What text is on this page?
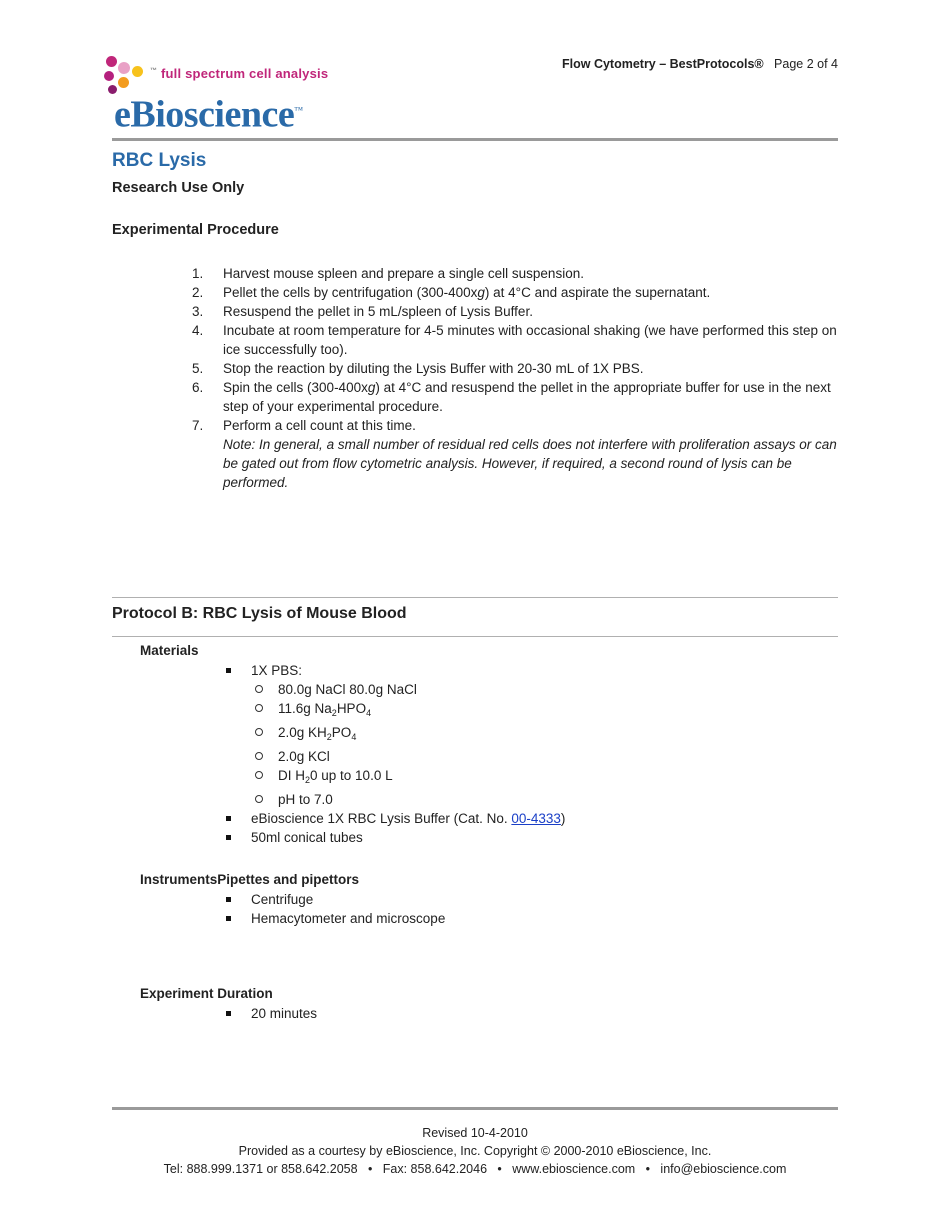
™ full spectrum cell analysis
eBioscience™
Flow Cytometry – BestProtocols® Page 2 of 4
RBC Lysis
Research Use Only
Experimental Procedure
1. Harvest mouse spleen and prepare a single cell suspension.
2. Pellet the cells by centrifugation (300-400xg) at 4°C and aspirate the supernatant.
3. Resuspend the pellet in 5 mL/spleen of Lysis Buffer.
4. Incubate at room temperature for 4-5 minutes with occasional shaking (we have performed this step on ice successfully too).
5. Stop the reaction by diluting the Lysis Buffer with 20-30 mL of 1X PBS.
6. Spin the cells (300-400xg) at 4°C and resuspend the pellet in the appropriate buffer for use in the next step of your experimental procedure.
7. Perform a cell count at this time.
Note: In general, a small number of residual red cells does not interfere with proliferation assays or can be gated out from flow cytometric analysis. However, if required, a second round of lysis can be performed.
Protocol B: RBC Lysis of Mouse Blood
Materials
1X PBS:
80.0g NaCl 80.0g NaCl
11.6g $Na_2HPO_4$
2.0g $KH_2PO_4$
2.0g KCl
DI $H_20$ up to 10.0 L
pH to 7.0
eBioscience 1X RBC Lysis Buffer (Cat. No. 00-4333)
50ml conical tubes
InstrumentsPipettes and pipettors
Centrifuge
Hemacytometer and microscope
Experiment Duration
20 minutes
Revised 10-4-2010
Provided as a courtesy by eBioscience, Inc. Copyright © 2000-2010 eBioscience, Inc.
Tel: 888.999.1371 or 858.642.2058   •   Fax: 858.642.2046   •   www.ebioscience.com   •   info@ebioscience.com
